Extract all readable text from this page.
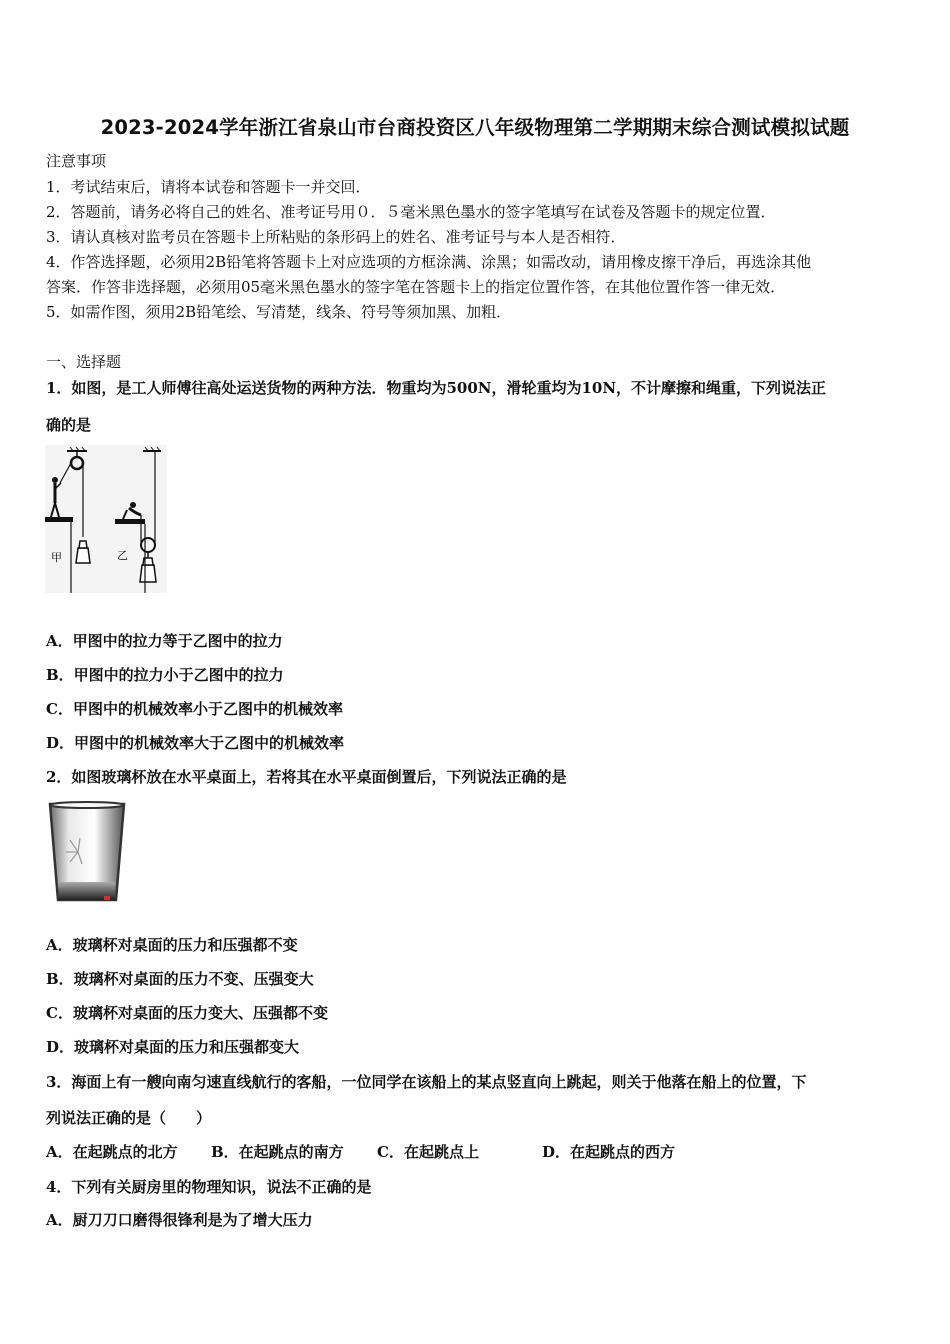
2023-2024学年浙江省泉山市台商投资区八年级物理第二学期期末综合测试模拟试题
注意事项
1．考试结束后，请将本试卷和答题卡一并交回．
2．答题前，请务必将自己的姓名、准考证号用０．５毫米黑色墨水的签字笔填写在试卷及答题卡的规定位置．
3．请认真核对监考员在答题卡上所粘贴的条形码上的姓名、准考证号与本人是否相符．
4．作答选择题，必须用2B铅笔将答题卡上对应选项的方框涂满、涂黑；如需改动，请用橡皮擦干净后，再选涂其他
答案．作答非选择题，必须用05毫米黑色墨水的签字笔在答题卡上的指定位置作答，在其他位置作答一律无效．
5．如需作图，须用2B铅笔绘、写清楚，线条、符号等须加黑、加粗．
一、选择题
1．如图，是工人师傅往高处运送货物的两种方法．物重均为500N，滑轮重均为10N，不计摩擦和绳重，下列说法正
确的是
甲	乙
A．甲图中的拉力等于乙图中的拉力
B．甲图中的拉力小于乙图中的拉力
C．甲图中的机械效率小于乙图中的机械效率
D．甲图中的机械效率大于乙图中的机械效率
2．如图玻璃杯放在水平桌面上，若将其在水平桌面倒置后，下列说法正确的是
A．玻璃杯对桌面的压力和压强都不变
B．玻璃杯对桌面的压力不变、压强变大
C．玻璃杯对桌面的压力变大、压强都不变
D．玻璃杯对桌面的压力和压强都变大
3．海面上有一艘向南匀速直线航行的客船，一位同学在该船上的某点竖直向上跳起，则关于他落在船上的位置，下
列说法正确的是（　　）
A．在起跳点的北方 B．在起跳点的南方 C．在起跳点上	D．在起跳点的西方
4．下列有关厨房里的物理知识，说法不正确的是
A．厨刀刀口磨得很锋利是为了增大压力
